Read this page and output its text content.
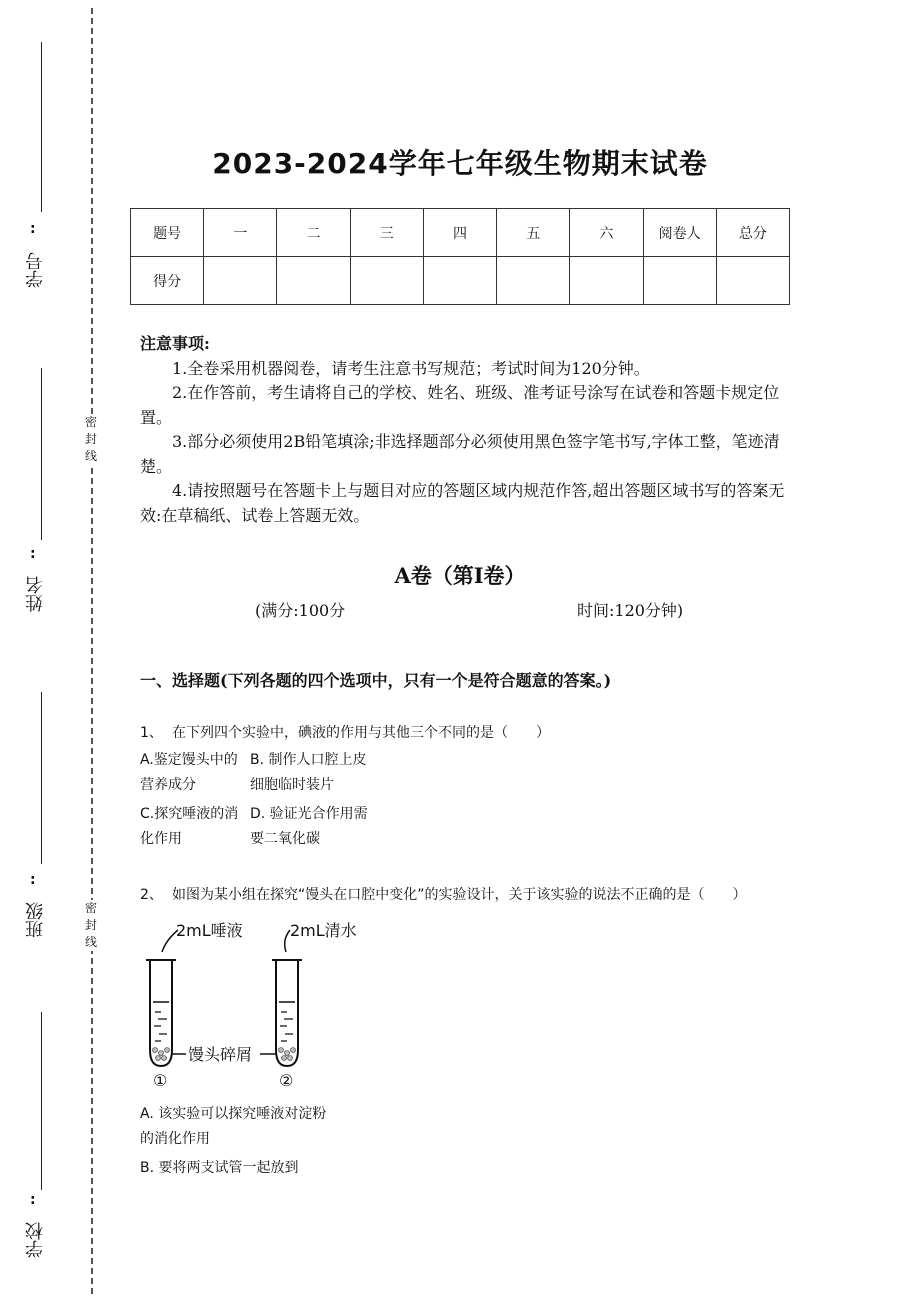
密封线
密封线
:
学号
:
姓名
:
班级
:
学校
2023-2024学年七年级生物期末试卷
题号	一	二	三	四	五	六	阅卷人	总分
得分								
注意事项:

1.全卷采用机器阅卷，请考生注意书写规范；考试时间为120分钟。

2.在作答前，考生请将自己的学校、姓名、班级、准考证号涂写在试卷和答题卡规定位置。

3.部分必须使用2B铅笔填涂;非选择题部分必须使用黑色签字笔书写,字体工整，笔迹清楚。

4.请按照题号在答题卡上与题目对应的答题区域内规范作答,超出答题区域书写的答案无效:在草稿纸、试卷上答题无效。

A卷（第Ⅰ卷）
(满分:100分	时间:120分钟)
一、选择题(下列各题的四个选项中，只有一个是符合题意的答案。)
1、 在下列四个实验中，碘液的作用与其他三个不同的是（　　）
A.鉴定馒头中的营养成分
B. 制作人口腔上皮细胞临时装片
C.探究唾液的消化作用
D. 验证光合作用需要二氧化碳
2、 如图为某小组在探究“馒头在口腔中变化”的实验设计，关于该实验的说法不正确的是（　　）
2mL唾液	2mL清水
馒头碎屑
①	②
A. 该实验可以探究唾液对淀粉的消化作用
B. 要将两支试管一起放到
